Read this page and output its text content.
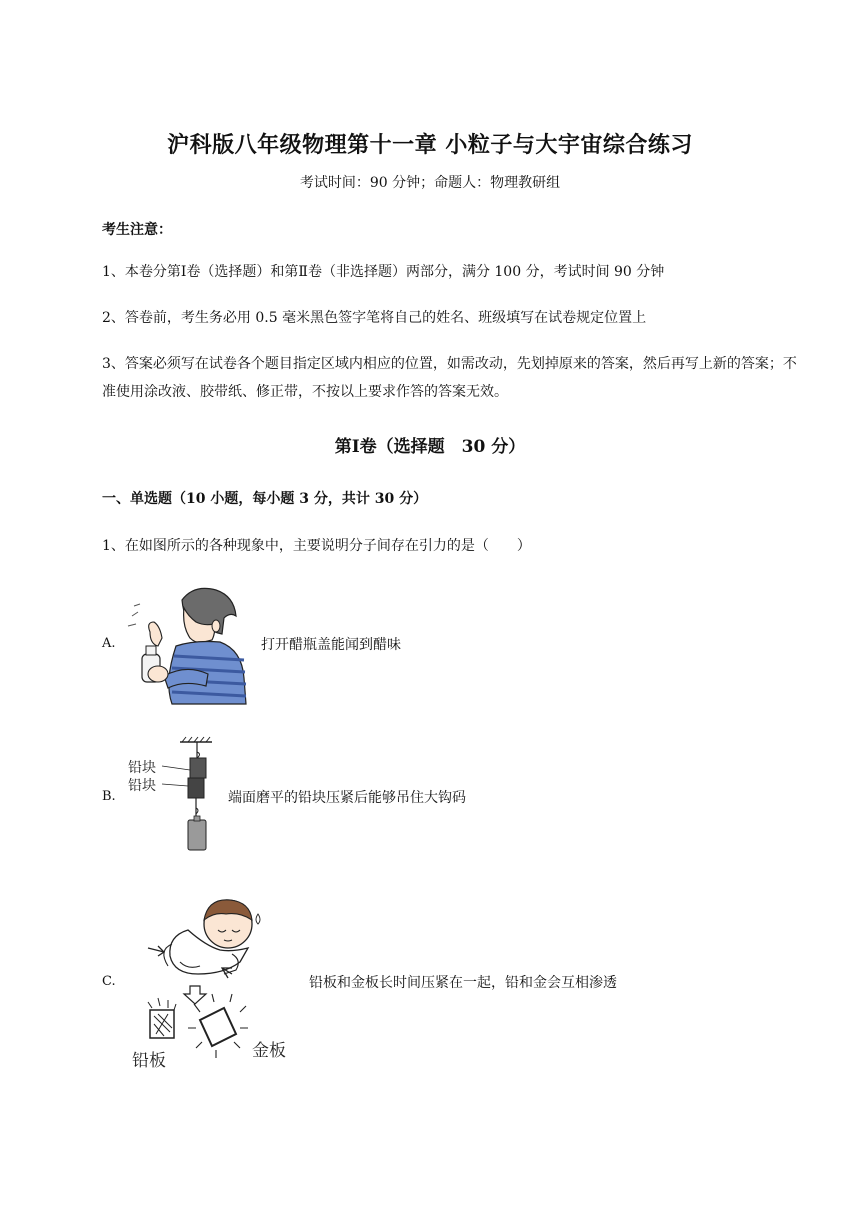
沪科版八年级物理第十一章 小粒子与大宇宙综合练习
考试时间：90 分钟；命题人：物理教研组
考生注意：
1、本卷分第Ⅰ卷（选择题）和第Ⅱ卷（非选择题）两部分，满分 100 分，考试时间 90 分钟
2、答卷前，考生务必用 0.5 毫米黑色签字笔将自己的姓名、班级填写在试卷规定位置上
3、答案必须写在试卷各个题目指定区域内相应的位置，如需改动，先划掉原来的答案，然后再写上新的答案；不准使用涂改液、胶带纸、修正带，不按以上要求作答的答案无效。
第Ⅰ卷（选择题　30 分）
一、单选题（10 小题，每小题 3 分，共计 30 分）
1、在如图所示的各种现象中，主要说明分子间存在引力的是（　　）
A.	打开醋瓶盖能闻到醋味
B.
铅块
铅块
端面磨平的铅块压紧后能够吊住大钩码
C.
铅板	金板
铅板和金板长时间压紧在一起，铅和金会互相渗透
